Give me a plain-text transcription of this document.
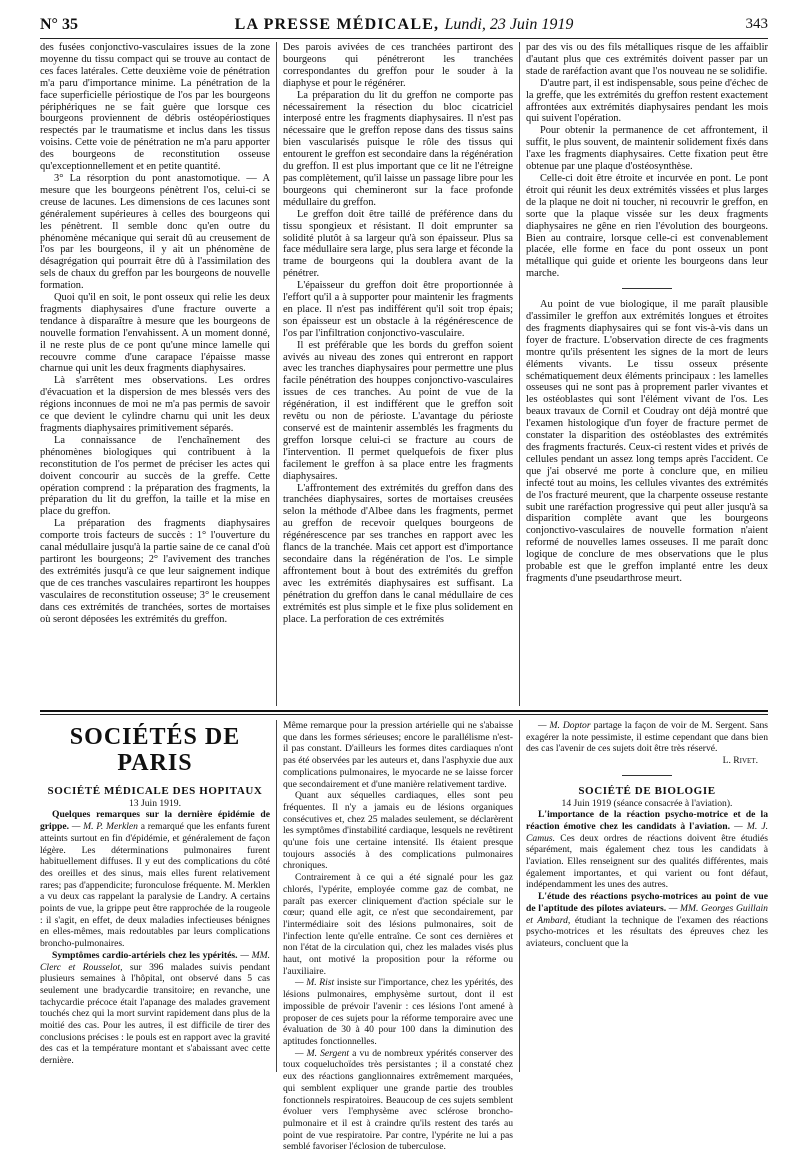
N° 35	LA PRESSE MÉDICALE, Lundi, 23 Juin 1919	343

des fusées conjonctivo-vasculaires issues de la zone moyenne du tissu compact qui se trouve au contact de ces faces latérales. Cette deuxième voie de pénétration m'a paru d'importance minime. La pénétration de la face superficielle périostique de l'os par les bourgeons périphériques ne se fait guère que lorsque ces bourgeons proviennent de débris ostéopériostiques respectés par le traumatisme et inclus dans les tissus voisins. Cette voie de pénétration ne m'a paru apporter des bourgeons de reconstitution osseuse qu'exceptionnellement et en petite quantité.

3° La résorption du pont anastomotique. — A mesure que les bourgeons pénètrent l'os, celui-ci se creuse de lacunes. Les dimensions de ces lacunes sont généralement supérieures à celles des bourgeons qui les pénètrent. Il semble donc qu'en outre du phénomène mécanique qui serait dû au creusement de l'os par les bourgeons, il y ait un phénomène de désagrégation qui pourrait être dû à l'assimilation des sels de chaux du greffon par les bourgeons de nouvelle formation.

Quoi qu'il en soit, le pont osseux qui relie les deux fragments diaphysaires d'une fracture ouverte a tendance à disparaître à mesure que les bourgeons de nouvelle formation l'envahissent. A un moment donné, il ne reste plus de ce pont qu'une mince lamelle qui recouvre comme d'une carapace l'épaisse masse charnue qui unit les deux fragments diaphysaires.

Là s'arrêtent mes observations. Les ordres d'évacuation et la dispersion de mes blessés vers des régions inconnues de moi ne m'a pas permis de savoir ce que devient le cylindre charnu qui unit les deux fragments diaphysaires primitivement séparés.

La connaissance de l'enchaînement des phénomènes biologiques qui contribuent à la reconstitution de l'os permet de préciser les actes qui doivent concourir au succès de la greffe. Cette opération comprend : la préparation des fragments, la préparation du lit du greffon, la taille et la mise en place du greffon.

La préparation des fragments diaphysaires comporte trois facteurs de succès : 1° l'ouverture du canal médullaire jusqu'à la partie saine de ce canal d'où partiront les bourgeons; 2° l'avivement des tranches des extrémités jusqu'à ce que leur saignement indique que de ces tranches vasculaires repartiront les houppes vasculaires de reconstitution osseuse; 3° le creusement dans ces extrémités de tranchées, sortes de mortaises où seront déposées les extrémités du greffon.

Des parois avivées de ces tranchées partiront des bourgeons qui pénétreront les tranchées correspondantes du greffon pour le souder à la diaphyse et pour le régénérer.

La préparation du lit du greffon ne comporte pas nécessairement la résection du bloc cicatriciel interposé entre les fragments diaphysaires. Il n'est pas nécessaire que le greffon repose dans des tissus sains bien vascularisés puisque le rôle des tissus qui entourent le greffon est secondaire dans la régénération du greffon. Il est plus important que ce lit ne l'étreigne pas complètement, qu'il laisse un passage libre pour les bourgeons qui chemineront sur la face profonde médullaire du greffon.

Le greffon doit être taillé de préférence dans du tissu spongieux et résistant. Il doit emprunter sa solidité plutôt à sa largeur qu'à son épaisseur. Plus sa face médullaire sera large, plus sera large et féconde la trame de bourgeons qui la doublera avant de la pénétrer.

L'épaisseur du greffon doit être proportionnée à l'effort qu'il a à supporter pour maintenir les fragments en place. Il n'est pas indifférent qu'il soit trop épais; son épaisseur est un obstacle à la régénérescence de l'os par l'infiltration conjonctivo-vasculaire.

Il est préférable que les bords du greffon soient avivés au niveau des zones qui entreront en rapport avec les tranches diaphysaires pour permettre une plus facile pénétration des houppes conjonctivo-vasculaires issues de ces tranches. Au point de vue de la régénération, il est indifférent que le greffon soit revêtu ou non de périoste. L'avantage du périoste conservé est de maintenir assemblés les fragments du greffon lorsque celui-ci se fracture au cours de l'intervention. Il permet quelquefois de fixer plus facilement le greffon à sa place entre les fragments diaphysaires.

L'affrontement des extrémités du greffon dans des tranchées diaphysaires, sortes de mortaises creusées selon la méthode d'Albee dans les fragments, permet au greffon de recevoir quelques bourgeons de régénérescence par ses tranches en rapport avec les flancs de la tranchée. Mais cet apport est d'importance secondaire dans la régénération de l'os. Le simple affrontement bout à bout des extrémités du greffon avec les extrémités diaphysaires est suffisant. La pénétration du greffon dans le canal médullaire de ces extrémités est plus simple et le fixe plus solidement en place. La perforation de ces extrémités

par des vis ou des fils métalliques risque de les affaiblir d'autant plus que ces extrémités doivent passer par un stade de raréfaction avant que l'os nouveau ne se solidifie.

D'autre part, il est indispensable, sous peine d'échec de la greffe, que les extrémités du greffon restent exactement affrontées aux extrémités diaphysaires pendant les mois qui suivent l'opération.

Pour obtenir la permanence de cet affrontement, il suffit, le plus souvent, de maintenir solidement fixés dans l'axe les fragments diaphysaires. Cette fixation peut être obtenue par une plaque d'ostéosynthèse.

Celle-ci doit être étroite et incurvée en pont. Le pont étroit qui réunit les deux extrémités vissées et plus larges de la plaque ne doit ni toucher, ni recouvrir le greffon, en sorte que la plaque vissée sur les deux fragments diaphysaires ne gêne en rien l'évolution des bourgeons. Bien au contraire, lorsque celle-ci est convenablement placée, elle forme en face du pont osseux un pont métallique qui guide et oriente les bourgeons dans leur marche.

Au point de vue biologique, il me paraît plausible d'assimiler le greffon aux extrémités longues et étroites des fragments diaphysaires qui se font vis-à-vis dans un foyer de fracture. L'observation directe de ces fragments montre qu'ils présentent les signes de la mort de leurs éléments vivants. Le tissu osseux présente schématiquement deux éléments principaux : les lamelles osseuses qui ne sont pas à proprement parler vivantes et les ostéoblastes qui sont l'élément vivant de l'os. Les beaux travaux de Cornil et Coudray ont déjà montré que l'examen histologique d'un foyer de fracture permet de constater la disparition des ostéoblastes des extrémités des fragments fracturés. Ceux-ci restent vides et privés de cellules pendant un assez long temps après l'accident. Ce que j'ai observé me porte à conclure que, en milieu infecté tout au moins, les cellules vivantes des extrémités de l'os fracturé meurent, que la charpente osseuse restante subit une raréfaction progressive qui peut aller jusqu'à sa disparition complète avant que les bourgeons conjonctivo-vasculaires de nouvelle formation n'aient reformé de nouvelles lames osseuses. Il me paraît donc logique de conclure de mes observations que le plus probable est que le greffon implanté entre les deux fragments d'une pseudarthrose meurt.

SOCIÉTÉS DE PARIS

SOCIÉTÉ MÉDICALE DES HOPITAUX

13 Juin 1919.

Quelques remarques sur la dernière épidémie de grippe. — M. P. Merklen a remarqué que les enfants furent atteints surtout en fin d'épidémie, et généralement de façon légère. Les déterminations pulmonaires furent habituellement diffuses. Il y eut des complications du côté des oreilles et des sinus, mais elles furent relativement rares; pas d'appendicite; furonculose fréquente. M. Merklen a vu deux cas rappelant la paralysie de Landry. A certains points de vue, la grippe peut être rapprochée de la rougeole : il s'agit, en effet, de deux maladies infectieuses bénignes en elles-mêmes, mais redoutables par leurs complications broncho-pulmonaires.

Symptômes cardio-artériels chez les ypérités. — MM. Clerc et Rousselot, sur 396 malades suivis pendant plusieurs semaines à l'hôpital, ont observé dans 5 cas seulement une bradycardie transitoire; en revanche, une tachycardie précoce était l'apanage des malades gravement touchés chez qui la mort survint rapidement dans plus de la moitié des cas. Pour les autres, il est difficile de tirer des conclusions précises : le pouls est en rapport avec la gravité des cas et la température montant et s'abaissant avec cette dernière.

Même remarque pour la pression artérielle qui ne s'abaisse que dans les formes sérieuses; encore le parallélisme n'est-il pas constant. D'ailleurs les formes dites cardiaques n'ont pas été observées par les auteurs et, dans l'asphyxie due aux complications pulmonaires, le myocarde ne se laisse forcer que secondairement et d'une manière relativement tardive.

Quant aux séquelles cardiaques, elles sont peu fréquentes. Il n'y a jamais eu de lésions organiques consécutives et, chez 25 malades seulement, se déclarèrent les symptômes d'instabilité cardiaque, lesquels ne revêtirent qu'une fois une certaine intensité. Ils étaient presque toujours associés à des complications pulmonaires chroniques.

Contrairement à ce qui a été signalé pour les gaz chlorés, l'ypérite, employée comme gaz de combat, ne paraît pas exercer cliniquement d'action spéciale sur le cœur; quand elle agit, ce n'est que secondairement, par l'intermédiaire soit des lésions pulmonaires, soit de l'infection lente qu'elle entraîne. Ce sont ces dernières et non l'état de la circulation qui, chez les malades visés plus haut, ont motivé la proposition pour la réforme ou l'auxiliaire.

— M. Rist insiste sur l'importance, chez les ypérités, des lésions pulmonaires, emphysème surtout, dont il est impossible de prévoir l'avenir : ces lésions l'ont amené à proposer de ces sujets pour la réforme temporaire avec une évaluation de 30 à 40 pour 100 dans la diminution des aptitudes fonctionnelles.

— M. Sergent a vu de nombreux ypérités conserver des toux coqueluchoïdes très persistantes ; il a constaté chez eux des réactions ganglionnaires extrêmement marquées, qui semblent expliquer une grande partie des troubles fonctionnels respiratoires. Beaucoup de ces sujets semblent évoluer vers l'emphysème avec sclérose broncho-pulmonaire et il est à craindre qu'ils restent des tarés au point de vue respiratoire. Par contre, l'ypérite ne lui a pas semblé favoriser l'éclosion de tuberculose.

— M. Doptor partage la façon de voir de M. Sergent. Sans exagérer la note pessimiste, il estime cependant que dans bien des cas l'avenir de ces sujets doit être très réservé.

L. Rivet.

SOCIÉTÉ DE BIOLOGIE

14 Juin 1919 (séance consacrée à l'aviation).

L'importance de la réaction psycho-motrice et de la réaction émotive chez les candidats à l'aviation. — M. J. Camus. Ces deux ordres de réactions doivent être étudiés séparément, mais également chez tous les candidats à l'aviation. Elles renseignent sur des qualités différentes, mais également importantes, et qui varient ou font défaut, indépendamment les unes des autres.

L'étude des réactions psycho-motrices au point de vue de l'aptitude des pilotes aviateurs. — MM. Georges Guillain et Ambard, étudiant la technique de l'examen des réactions psycho-motrices et les résultats des épreuves chez les aviateurs, concluent que la
